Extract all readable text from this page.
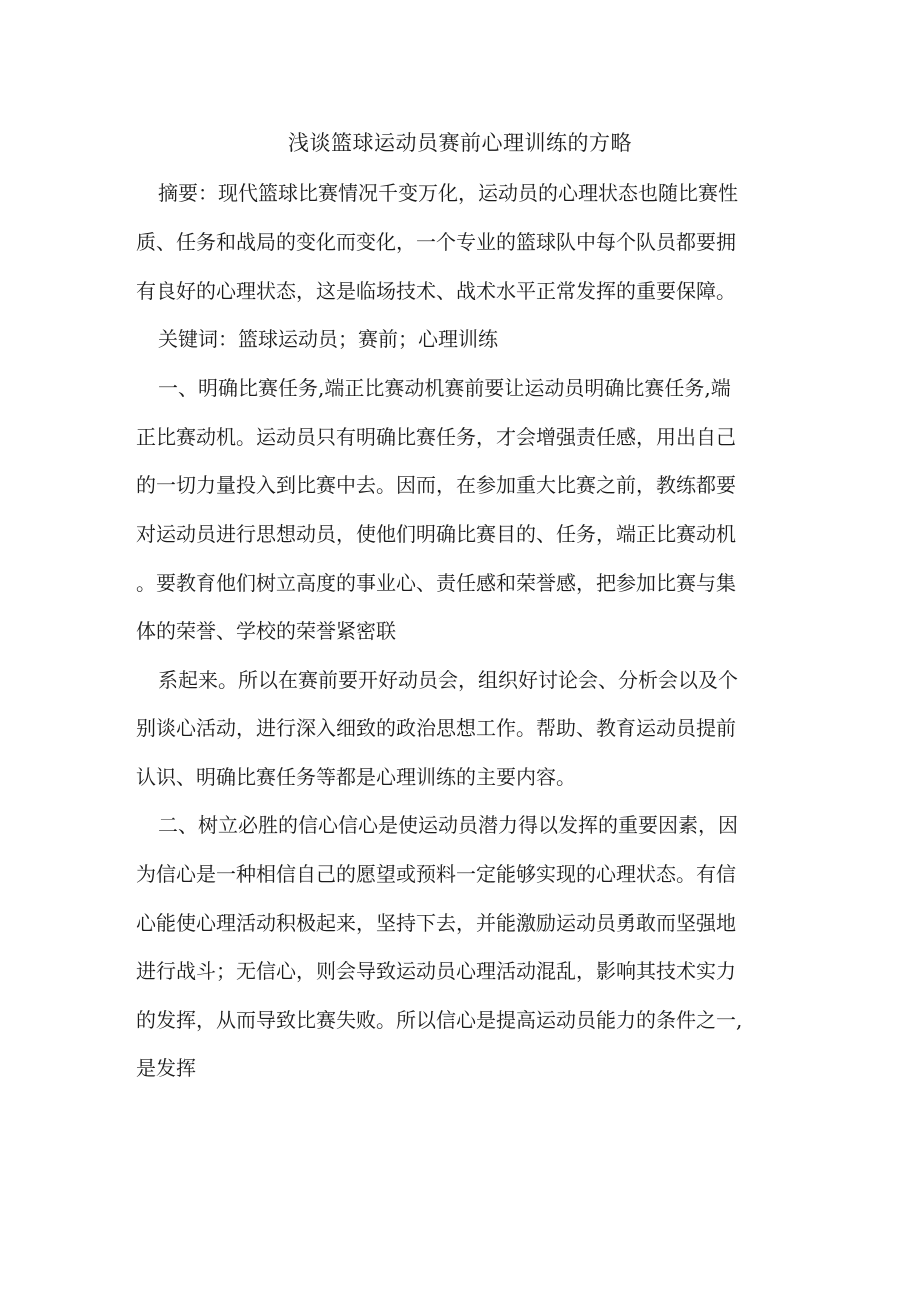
浅谈篮球运动员赛前心理训练的方略
摘要：现代篮球比赛情况千变万化，运动员的心理状态也随比赛性
质、任务和战局的变化而变化，一个专业的篮球队中每个队员都要拥
有良好的心理状态，这是临场技术、战术水平正常发挥的重要保障。
关键词：篮球运动员；赛前；心理训练
一、明确比赛任务,端正比赛动机赛前要让运动员明确比赛任务,端
正比赛动机。运动员只有明确比赛任务，才会增强责任感，用出自己
的一切力量投入到比赛中去。因而，在参加重大比赛之前，教练都要
对运动员进行思想动员，使他们明确比赛目的、任务，端正比赛动机
。要教育他们树立高度的事业心、责任感和荣誉感，把参加比赛与集
体的荣誉、学校的荣誉紧密联
系起来。所以在赛前要开好动员会，组织好讨论会、分析会以及个
别谈心活动，进行深入细致的政治思想工作。帮助、教育运动员提前
认识、明确比赛任务等都是心理训练的主要内容。
二、树立必胜的信心信心是使运动员潜力得以发挥的重要因素，因
为信心是一种相信自己的愿望或预料一定能够实现的心理状态。有信
心能使心理活动积极起来，坚持下去，并能激励运动员勇敢而坚强地
进行战斗；无信心，则会导致运动员心理活动混乱，影响其技术实力
的发挥，从而导致比赛失败。所以信心是提高运动员能力的条件之一,
是发挥
